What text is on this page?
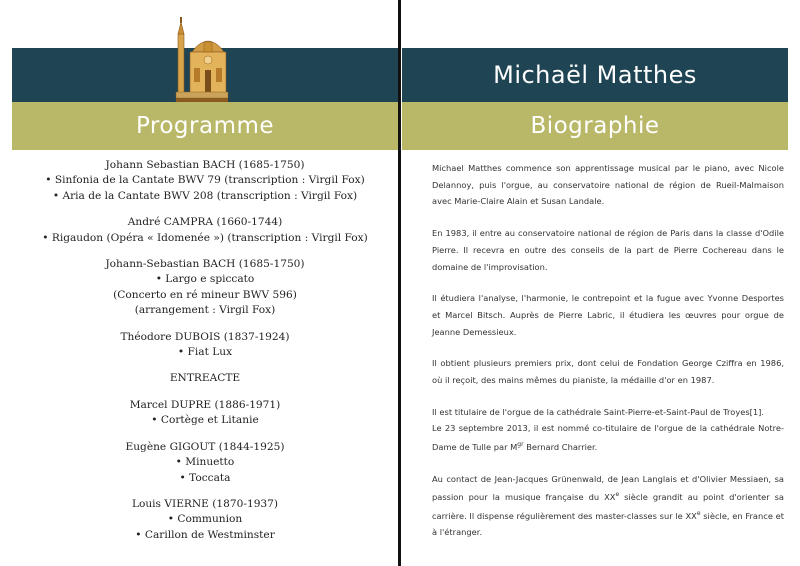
Programme
Johann Sebastian BACH (1685-1750)
• Sinfonia de la Cantate BWV 79 (transcription : Virgil Fox)
• Aria de la Cantate BWV 208 (transcription : Virgil Fox)
André CAMPRA (1660-1744)
• Rigaudon (Opéra « Idomenée ») (transcription : Virgil Fox)
Johann-Sebastian BACH (1685-1750)
• Largo e spiccato
(Concerto en ré mineur BWV 596)
(arrangement : Virgil Fox)
Théodore DUBOIS (1837-1924)
• Fiat Lux
ENTREACTE
Marcel DUPRE (1886-1971)
• Cortège et Litanie
Eugène GIGOUT (1844-1925)
• Minuetto
• Toccata
Louis VIERNE (1870-1937)
• Communion
• Carillon de Westminster
Michaël Matthes
Biographie

Michael Matthes commence son apprentissage musical par le piano, avec Nicole Delannoy, puis l'orgue, au conservatoire national de région de Rueil-Malmaison avec Marie-Claire Alain et Susan Landale.

En 1983, il entre au conservatoire national de région de Paris dans la classe d'Odile Pierre. Il recevra en outre des conseils de la part de Pierre Cochereau dans le domaine de l'improvisation.

Il étudiera l'analyse, l'harmonie, le contrepoint et la fugue avec Yvonne Desportes et Marcel Bitsch. Auprès de Pierre Labric, il étudiera les œuvres pour orgue de Jeanne Demessieux.

Il obtient plusieurs premiers prix, dont celui de Fondation George Cziffra en 1986, où il reçoit, des mains mêmes du pianiste, la médaille d'or en 1987.

Il est titulaire de l'orgue de la cathédrale Saint-Pierre-et-Saint-Paul de Troyes[1].

Le 23 septembre 2013, il est nommé co-titulaire de l'orgue de la cathédrale Notre-Dame de Tulle par $M^{gr}$ Bernard Charrier.

Au contact de Jean-Jacques Grünenwald, de Jean Langlais et d'Olivier Messiaen, sa passion pour la musique française du XXe siècle grandit au point d'orienter sa carrière. Il dispense régulièrement des master-classes sur le XXe siècle, en France et à l'étranger.
